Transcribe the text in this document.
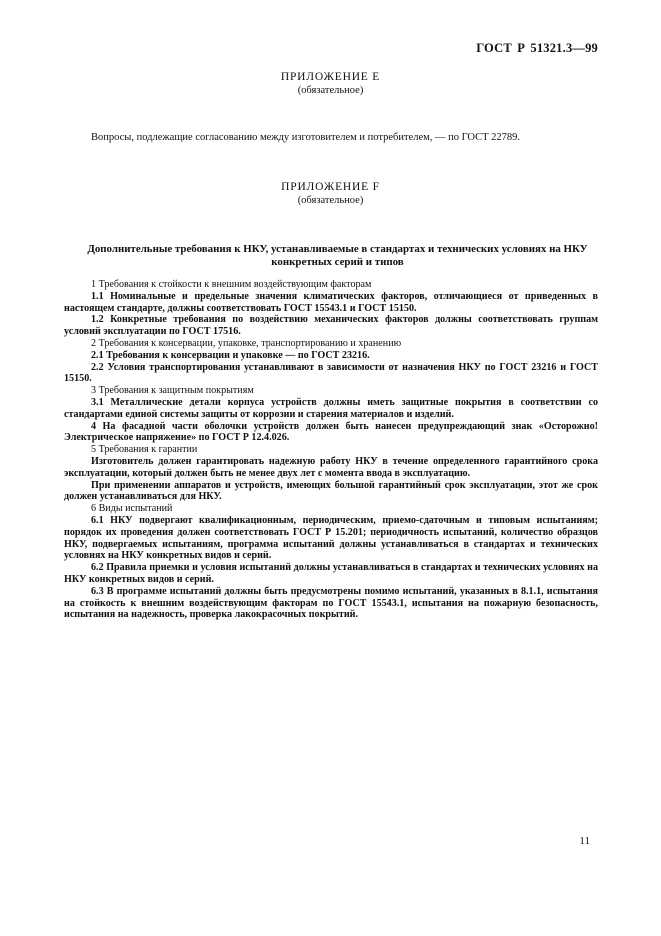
ГОСТ Р 51321.3—99
ПРИЛОЖЕНИЕ Е
(обязательное)
Вопросы, подлежащие согласованию между изготовителем и потребителем, — по ГОСТ 22789.
ПРИЛОЖЕНИЕ F
(обязательное)
Дополнительные требования к НКУ, устанавливаемые в стандартах и технических условиях на НКУ конкретных серий и типов

1 Требования к стойкости к внешним воздействующим факторам

1.1 Номинальные и предельные значения климатических факторов, отличающиеся от приведенных в настоящем стандарте, должны соответствовать ГОСТ 15543.1 и ГОСТ 15150.

1.2 Конкретные требования по воздействию механических факторов должны соответствовать группам условий эксплуатации по ГОСТ 17516.

2 Требования к консервации, упаковке, транспортированию и хранению

2.1 Требования к консервации и упаковке — по ГОСТ 23216.

2.2 Условия транспортирования устанавливают в зависимости от назначения НКУ по ГОСТ 23216 и ГОСТ 15150.

3 Требования к защитным покрытиям

3.1 Металлические детали корпуса устройств должны иметь защитные покрытия в соответствии со стандартами единой системы защиты от коррозии и старения материалов и изделий.

4 На фасадной части оболочки устройств должен быть нанесен предупреждающий знак «Осторожно! Электрическое напряжение» по ГОСТ Р 12.4.026.

5 Требования к гарантии

Изготовитель должен гарантировать надежную работу НКУ в течение определенного гарантийного срока эксплуатации, который должен быть не менее двух лет с момента ввода в эксплуатацию.

При применении аппаратов и устройств, имеющих большой гарантийный срок эксплуатации, этот же срок должен устанавливаться для НКУ.

6 Виды испытаний

6.1 НКУ подвергают квалификационным, периодическим, приемо-сдаточным и типовым испытаниям; порядок их проведения должен соответствовать ГОСТ Р 15.201; периодичность испытаний, количество образцов НКУ, подвергаемых испытаниям, программа испытаний должны устанавливаться в стандартах и технических условиях на НКУ конкретных видов и серий.

6.2 Правила приемки и условия испытаний должны устанавливаться в стандартах и технических условиях на НКУ конкретных видов и серий.

6.3 В программе испытаний должны быть предусмотрены помимо испытаний, указанных в 8.1.1, испытания на стойкость к внешним воздействующим факторам по ГОСТ 15543.1, испытания на пожарную безопасность, испытания на надежность, проверка лакокрасочных покрытий.

11
